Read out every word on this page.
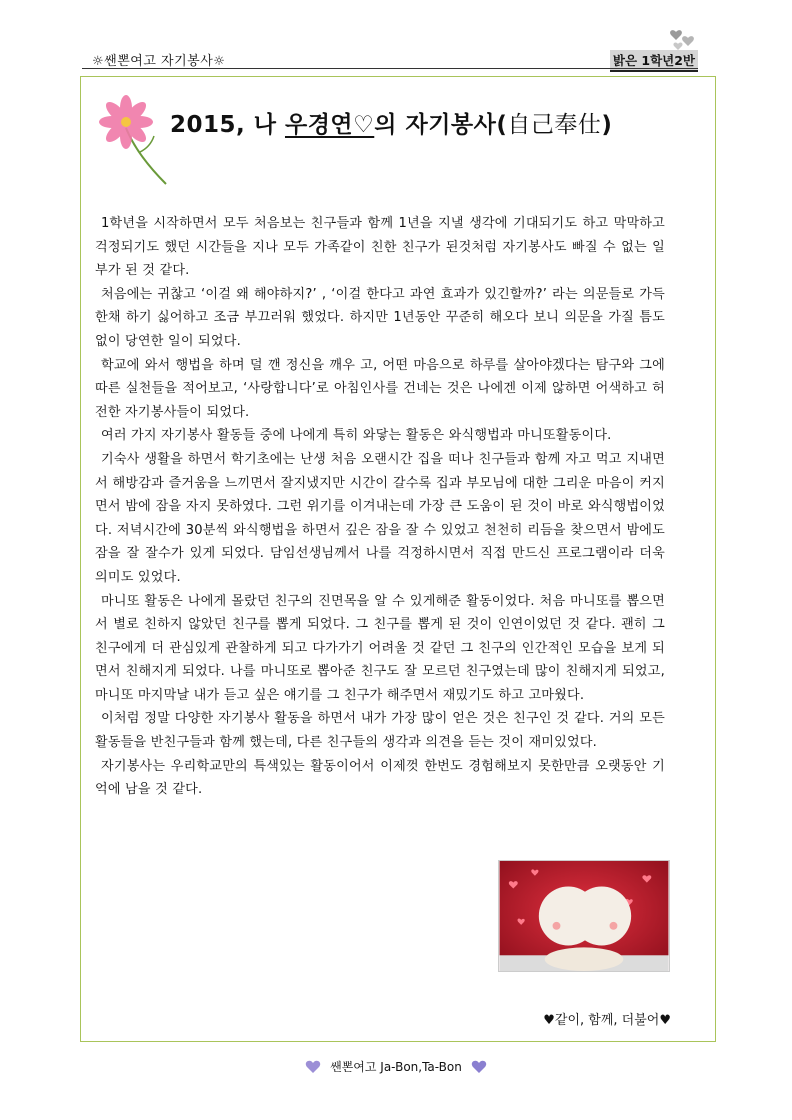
☼쌘뽄여고 자기봉사☼	밝은 1학년2반
2015, 나 우경연♡의 자기봉사(自己奉仕)

1학년을 시작하면서 모두 처음보는 친구들과 함께 1년을 지낼 생각에 기대되기도 하고 막막하고 걱정되기도 했던 시간들을 지나 모두 가족같이 친한 친구가 된것처럼 자기봉사도 빠질 수 없는 일부가 된 것 같다.

처음에는 귀찮고 ‘이걸 왜 해야하지?’ , ‘이걸 한다고 과연 효과가 있긴할까?’ 라는 의문들로 가득한채 하기 싫어하고 조금 부끄러워 했었다. 하지만 1년동안 꾸준히 해오다 보니 의문을 가질 틈도 없이 당연한 일이 되었다.

학교에 와서 행법을 하며 덜 깬 정신을 깨우 고, 어떤 마음으로 하루를 살아야겠다는 탐구와 그에따른 실천들을 적어보고, ‘사랑합니다’로 아침인사를 건네는 것은 나에겐 이제 않하면 어색하고 허전한 자기봉사들이 되었다.

여러 가지 자기봉사 활동들 중에 나에게 특히 와닿는 활동은 와식행법과 마니또활동이다.

기숙사 생활을 하면서 학기초에는 난생 처음 오랜시간 집을 떠나 친구들과 함께 자고 먹고 지내면서 해방감과 즐거움을 느끼면서 잘지냈지만 시간이 갈수록 집과 부모님에 대한 그리운 마음이 커지면서 밤에 잠을 자지 못하였다. 그런 위기를 이겨내는데 가장 큰 도움이 된 것이 바로 와식행법이었다. 저녁시간에 30분씩 와식행법을 하면서 깊은 잠을 잘 수 있었고 천천히 리듬을 찾으면서 밤에도 잠을 잘 잘수가 있게 되었다. 담임선생님께서 나를 걱정하시면서 직접 만드신 프로그램이라 더욱 의미도 있었다.

마니또 활동은 나에게 몰랐던 친구의 진면목을 알 수 있게해준 활동이었다. 처음 마니또를 뽑으면서 별로 친하지 않았던 친구를 뽑게 되었다. 그 친구를 뽑게 된 것이 인연이었던 것 같다. 괜히 그 친구에게 더 관심있게 관찰하게 되고 다가가기 어려울 것 같던 그 친구의 인간적인 모습을 보게 되면서 친해지게 되었다. 나를 마니또로 뽑아준 친구도 잘 모르던 친구였는데 많이 친해지게 되었고, 마니또 마지막날 내가 듣고 싶은 얘기를 그 친구가 해주면서 재밌기도 하고 고마웠다.

이처럼 정말 다양한 자기봉사 활동을 하면서 내가 가장 많이 얻은 것은 친구인 것 같다. 거의 모든 활동들을 반친구들과 함께 했는데, 다른 친구들의 생각과 의견을 듣는 것이 재미있었다.

자기봉사는 우리학교만의 특색있는 활동이어서 이제껏 한번도 경험해보지 못한만큼 오랫동안 기억에 남을 것 같다.

♥같이, 함께, 더불어♥
쌘뽄여고 Ja-Bon,Ta-Bon
